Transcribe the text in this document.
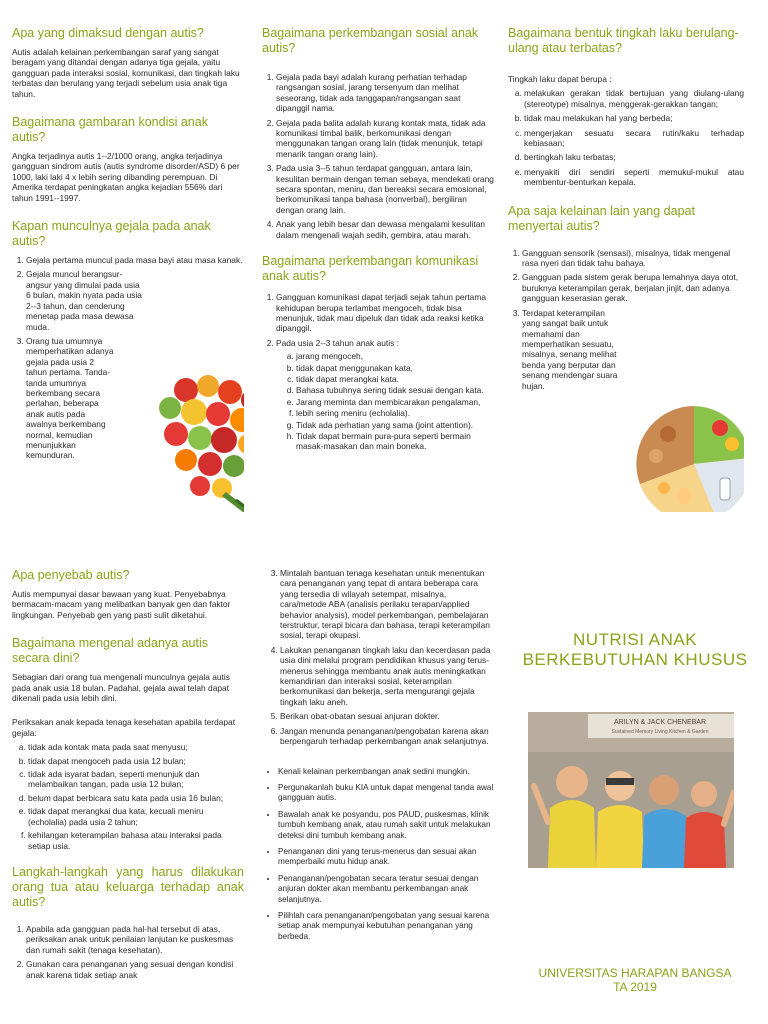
Apa yang dimaksud dengan autis?
Autis adalah kelainan perkembangan saraf yang sangat beragam yang ditandai dengan adanya tiga gejala, yaitu gangguan pada interaksi sosial, komunikasi, dan tingkah laku terbatas dan berulang yang terjadi sebelum usia anak tiga tahun.
Bagaimana gambaran kondisi anak autis?
Angka terjadinya autis 1--2/1000 orang, angka terjadinya gangguan sindrom autis (autis syndrome disorder/ASD) 6 per 1000, laki laki 4 x lebih sering dibanding perempuan. Di Amerika terdapat peningkatan angka kejadian 556% dari tahun 1991--1997.
Kapan munculnya gejala pada anak autis?
1. Gejala pertama muncul pada masa bayi atau masa kanak.
2. Gejala muncul berangsur-angsur yang dimulai pada usia 6 bulan, makin nyata pada usia 2--3 tahun, dan cenderung menetap pada masa dewasa muda.
3. Orang tua umumnya memperhatikan adanya gejala pada usia 2 tahun pertama. Tanda-tanda umumnya berkembang secara perlahan, beberapa anak autis pada awalnya berkembang normal, kemudian menunjukkan kemunduran.
Bagaimana perkembangan sosial anak autis?
1. Gejala pada bayi adalah kurang perhatian terhadap rangsangan sosial, jarang tersenyum dan melihat seseorang, tidak ada tanggapan/rangsangan saat dipanggil nama.
2. Gejala pada balita adalah kurang kontak mata, tidak ada komunikasi timbal balik, berkomunikasi dengan menggunakan tangan orang lain (tidak menunjuk, tetapi menarik tangan orang lain).
3. Pada usia 3--5 tahun terdapat gangguan, antara lain, kesulitan bermain dengan teman sebaya, mendekati orang secara spontan, meniru, dan bereaksi secara emosional, berkomunikasi tanpa bahasa (nonverbal), bergiliran dengan orang lain.
4. Anak yang lebih besar dan dewasa mengalami kesulitan dalam mengenali wajah sedih, gembira, atau marah.
Bagaimana perkembangan komunikasi anak autis?
1. Gangguan komunikasi dapat terjadi sejak tahun pertama kehidupan berupa terlambat mengoceh, tidak bisa menunjuk, tidak mau dipeluk dan tidak ada reaksi ketika dipanggil.
2. Pada usia 2--3 tahun anak autis :
a. jarang mengoceh,
b. tidak dapat menggunakan kata,
c. tidak dapat merangkai kata.
d. Bahasa tubuhnya sering tidak sesuai dengan kata.
e. Jarang meminta dan membicarakan pengalaman,
f. lebih sering meniru (echolalia).
g. Tidak ada perhatian yang sama (joint attention).
h. Tidak dapat bermain pura-pura seperti bermain masak-masakan dan main boneka.
Bagaimana bentuk tingkah laku berulang-ulang atau terbatas?
Tingkah laku dapat berupa :
a. melakukan gerakan tidak bertujuan yang diulang-ulang (stereotype) misalnya, menggerak-gerakkan tangan;
b. tidak mau melakukan hal yang berbeda;
c. mengerjakan sesuatu secara rutin/kaku terhadap kebiasaan;
d. bertingkah laku terbatas;
e. menyakiti diri sendiri seperti memukul-mukul atau membentur-benturkan kepala.
Apa saja kelainan lain yang dapat menyertai autis?
1. Gangguan sensorik (sensasi), misalnya, tidak mengenal rasa nyeri dan tidak tahu bahaya.
2. Gangguan pada sistem gerak berupa lemahnya daya otot, buruknya keterampilan gerak, berjalan jinjit, dan adanya gangguan keserasian gerak.
3. Terdapat keterampilan yang sangat baik untuk memahami dan memperhatikan sesuatu, misalnya, senang melihat benda yang berputar dan senang mendengar suara hujan.
Apa penyebab autis?
Autis mempunyai dasar bawaan yang kuat. Penyebabnya bermacam-macam yang melibatkan banyak gen dan faktor lingkungan. Penyebab gen yang pasti sulit diketahui.
Bagaimana mengenal adanya autis secara dini?
Sebagian dari orang tua mengenali munculnya gejala autis pada anak usia 18 bulan. Padahal, gejala awal telah dapat dikenali pada usia lebih dini.
Periksakan anak kepada tenaga kesehatan apabila terdapat gejala:
a. tidak ada kontak mata pada saat menyusu;
b. tidak dapat mengoceh pada usia 12 bulan;
c. tidak ada isyarat badan, seperti menunjuk dan melambaikan tangan, pada usia 12 bulan;
d. belum dapat berbicara satu kata pada usia 16 bulan;
e. tidak dapat merangkai dua kata, kecuali meniru (echolalia) pada usia 2 tahun;
f. kehilangan keterampilan bahasa atau interaksi pada setiap usia.
Langkah-langkah yang harus dilakukan orang tua atau keluarga terhadap anak autis?
1. Apabila ada gangguan pada hal-hal tersebut di atas, periksakan anak untuk penilaian lanjutan ke puskesmas dan rumah sakit (tenaga kesehatan).
2. Gunakan cara penanganan yang sesuai dengan kondisi anak karena tidak setiap anak
3. Mintalah bantuan tenaga kesehatan untuk menentukan cara penanganan yang tepat di antara beberapa cara yang tersedia di wilayah setempat, misalnya, cara/metode ABA (analisis perilaku terapan/applied behavior analysis), model perkembangan, pembelajaran terstruktur, terapi bicara dan bahasa, terapi keterampilan sosial, terapi okupasi.
4. Lakukan penanganan tingkah laku dan kecerdasan pada usia dini melalui program pendidikan khusus yang terus-menerus sehingga membantu anak autis meningkatkan kemandirian dan interaksi sosial, keterampilan berkomunikasi dan bekerja, serta mengurangi gejala tingkah laku aneh.
5. Berikan obat-obatan sesuai anjuran dokter.
6. Jangan menunda penanganan/pengobatan karena akan berpengaruh terhadap perkembangan anak selanjutnya.
• Kenali kelainan perkembangan anak sedini mungkin.
• Pergunakanlah buku KIA untuk dapat mengenal tanda awal gangguan autis.
• Bawalah anak ke posyandu, pos PAUD, puskesmas, klinik tumbuh kembang anak, atau rumah sakit untuk melakukan deteksi dini tumbuh kembang anak.
• Penanganan dini yang terus-menerus dan sesuai akan memperbaiki mutu hidup anak.
• Penanganan/pengobatan secara teratur sesuai dengan anjuran dokter akan membantu perkembangan anak selanjutnya.
• Pilihlah cara penanganan/pengobatan yang sesuai karena setiap anak mempunyai kebutuhan penanganan yang berbeda.
NUTRISI ANAK
BERKEBUTUHAN KHUSUS
ARILYN & JACK CHENEBAR
Sustained Memory Living Kitchen & Garden
UNIVERSITAS HARAPAN BANGSA
TA 2019
